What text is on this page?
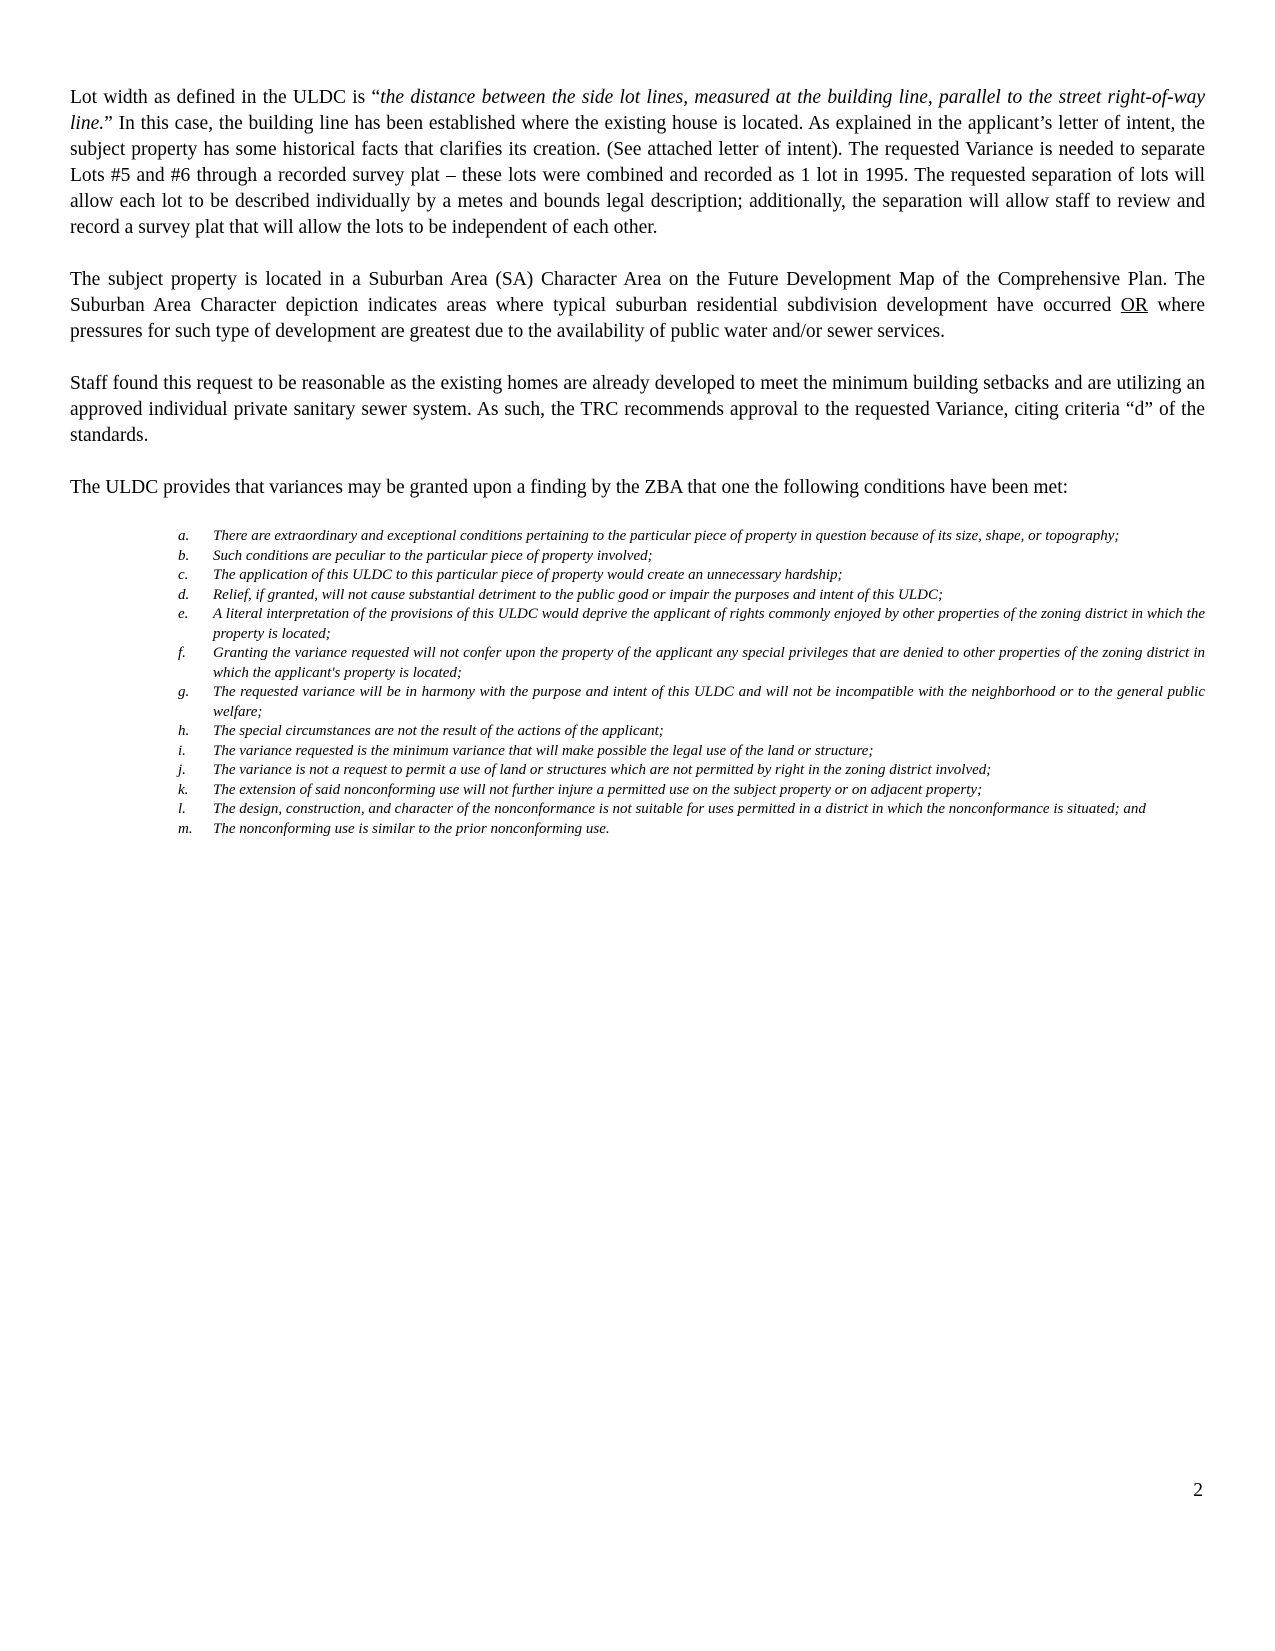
Lot width as defined in the ULDC is “the distance between the side lot lines, measured at the building line, parallel to the street right-of-way line.” In this case, the building line has been established where the existing house is located. As explained in the applicant’s letter of intent, the subject property has some historical facts that clarifies its creation. (See attached letter of intent). The requested Variance is needed to separate Lots #5 and #6 through a recorded survey plat – these lots were combined and recorded as 1 lot in 1995. The requested separation of lots will allow each lot to be described individually by a metes and bounds legal description; additionally, the separation will allow staff to review and record a survey plat that will allow the lots to be independent of each other.

The subject property is located in a Suburban Area (SA) Character Area on the Future Development Map of the Comprehensive Plan. The Suburban Area Character depiction indicates areas where typical suburban residential subdivision development have occurred OR where pressures for such type of development are greatest due to the availability of public water and/or sewer services.

Staff found this request to be reasonable as the existing homes are already developed to meet the minimum building setbacks and are utilizing an approved individual private sanitary sewer system. As such, the TRC recommends approval to the requested Variance, citing criteria “d” of the standards.

The ULDC provides that variances may be granted upon a finding by the ZBA that one the following conditions have been met:

a.	There are extraordinary and exceptional conditions pertaining to the particular piece of property in question because of its size, shape, or topography;
b.	Such conditions are peculiar to the particular piece of property involved;
c.	The application of this ULDC to this particular piece of property would create an unnecessary hardship;
d.	Relief, if granted, will not cause substantial detriment to the public good or impair the purposes and intent of this ULDC;
e.	A literal interpretation of the provisions of this ULDC would deprive the applicant of rights commonly enjoyed by other properties of the zoning district in which the property is located;
f.	Granting the variance requested will not confer upon the property of the applicant any special privileges that are denied to other properties of the zoning district in which the applicant's property is located;
g.	The requested variance will be in harmony with the purpose and intent of this ULDC and will not be incompatible with the neighborhood or to the general public welfare;
h.	The special circumstances are not the result of the actions of the applicant;
i.	The variance requested is the minimum variance that will make possible the legal use of the land or structure;
j.	The variance is not a request to permit a use of land or structures which are not permitted by right in the zoning district involved;
k.	The extension of said nonconforming use will not further injure a permitted use on the subject property or on adjacent property;
l.	The design, construction, and character of the nonconformance is not suitable for uses permitted in a district in which the nonconformance is situated; and
m.	The nonconforming use is similar to the prior nonconforming use.
2
